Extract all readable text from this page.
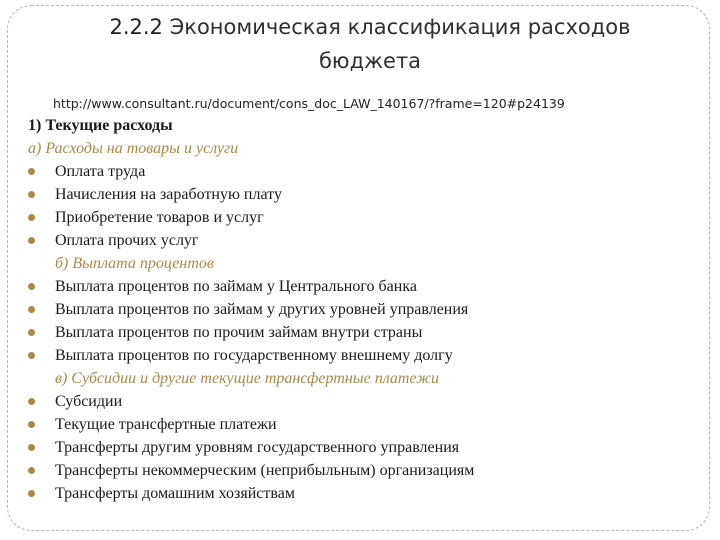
2.2.2 Экономическая классификация расходов
бюджета
http://www.consultant.ru/document/cons_doc_LAW_140167/?frame=120#p24139
1) Текущие расходы
а) Расходы на товары и услуги
Оплата труда
Начисления на заработную плату
Приобретение товаров и услуг
Оплата прочих услуг
б) Выплата процентов
Выплата процентов по займам у Центрального банка
Выплата процентов по займам у других уровней управления
Выплата процентов по прочим займам внутри страны
Выплата процентов по государственному внешнему долгу
в) Субсидии и другие текущие трансфертные платежи
Субсидии
Текущие трансфертные платежи
Трансферты другим уровням государственного управления
Трансферты некоммерческим (неприбыльным) организациям
Трансферты домашним хозяйствам
